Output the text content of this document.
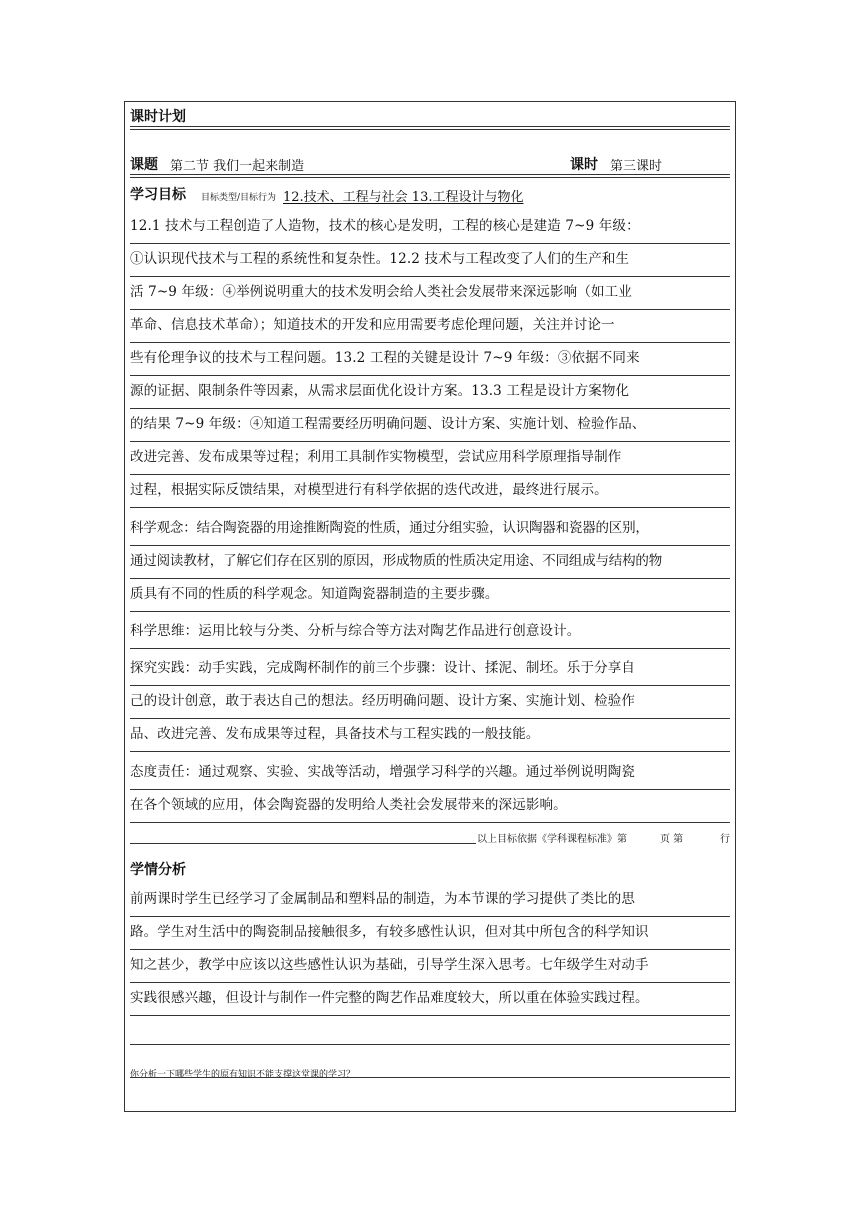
课时计划
课题 第二节 我们一起来制造	课时 第三课时
学习目标 目标类型/目标行为 12.技术、工程与社会 13.工程设计与物化
12.1 技术与工程创造了人造物，技术的核心是发明，工程的核心是建造 7~9 年级：
①认识现代技术与工程的系统性和复杂性。12.2 技术与工程改变了人们的生产和生
活 7~9 年级：④举例说明重大的技术发明会给人类社会发展带来深远影响（如工业
革命、信息技术革命）；知道技术的开发和应用需要考虑伦理问题，关注并讨论一
些有伦理争议的技术与工程问题。13.2 工程的关键是设计 7~9 年级：③依据不同来
源的证据、限制条件等因素，从需求层面优化设计方案。13.3 工程是设计方案物化
的结果 7~9 年级：④知道工程需要经历明确问题、设计方案、实施计划、检验作品、
改进完善、发布成果等过程；利用工具制作实物模型，尝试应用科学原理指导制作
过程，根据实际反馈结果，对模型进行有科学依据的迭代改进，最终进行展示。
科学观念：结合陶瓷器的用途推断陶瓷的性质，通过分组实验，认识陶器和瓷器的区别，
通过阅读教材，了解它们存在区别的原因，形成物质的性质决定用途、不同组成与结构的物
质具有不同的性质的科学观念。知道陶瓷器制造的主要步骤。
科学思维：运用比较与分类、分析与综合等方法对陶艺作品进行创意设计。
探究实践：动手实践，完成陶杯制作的前三个步骤：设计、揉泥、制坯。乐于分享自
己的设计创意，敢于表达自己的想法。经历明确问题、设计方案、实施计划、检验作
品、改进完善、发布成果等过程，具备技术与工程实践的一般技能。
态度责任：通过观察、实验、实战等活动，增强学习科学的兴趣。通过举例说明陶瓷
在各个领域的应用，体会陶瓷器的发明给人类社会发展带来的深远影响。
以上目标依据《学科课程标准》第	页 第	行
学情分析
前两课时学生已经学习了金属制品和塑料品的制造，为本节课的学习提供了类比的思
路。学生对生活中的陶瓷制品接触很多，有较多感性认识，但对其中所包含的科学知识
知之甚少，教学中应该以这些感性认识为基础，引导学生深入思考。七年级学生对动手
实践很感兴趣，但设计与制作一件完整的陶艺作品难度较大，所以重在体验实践过程。
你分析一下哪些学生的原有知识不能支撑这堂课的学习？
